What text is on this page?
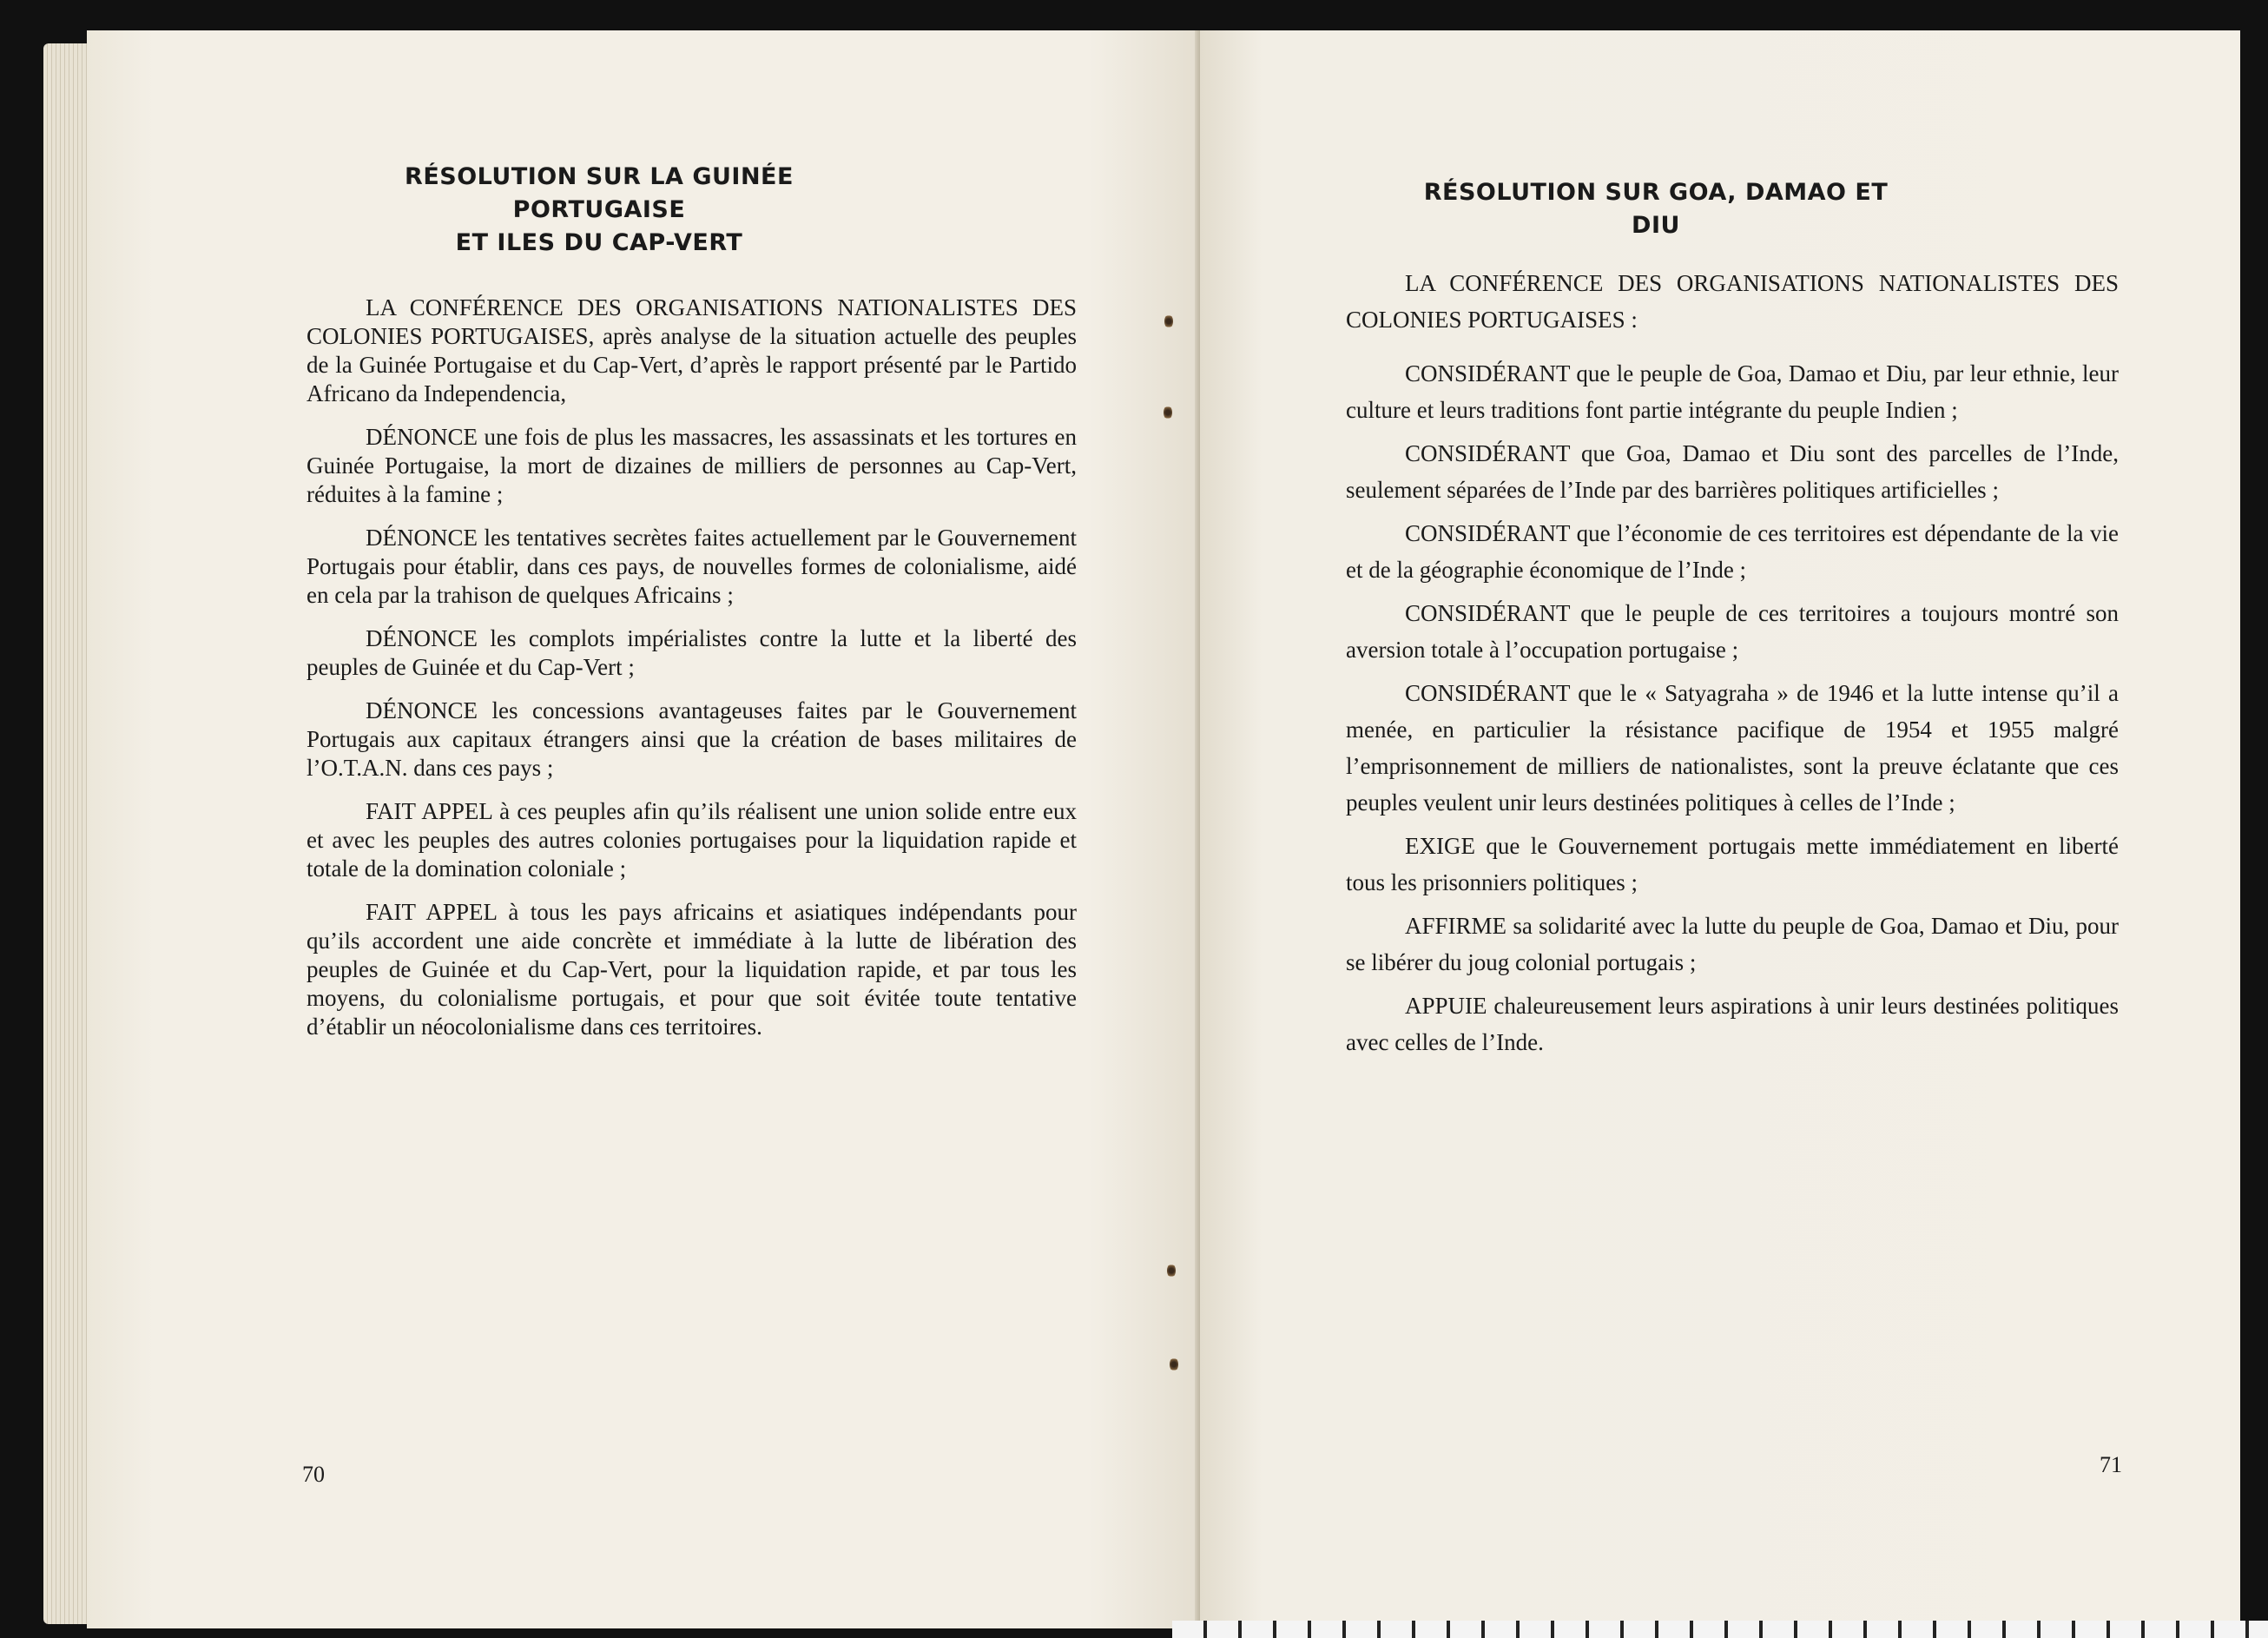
RÉSOLUTION SUR LA GUINÉE PORTUGAISE
ET ILES DU CAP-VERT

LA CONFÉRENCE DES ORGANISATIONS NATIONALISTES DES COLONIES PORTUGAISES, après analyse de la situation actuelle des peuples de la Guinée Portugaise et du Cap-Vert, d’après le rapport présenté par le Partido Africano da Independencia,

DÉNONCE une fois de plus les massacres, les assassinats et les tortures en Guinée Portugaise, la mort de dizaines de milliers de personnes au Cap-Vert, réduites à la famine ;

DÉNONCE les tentatives secrètes faites actuellement par le Gouvernement Portugais pour établir, dans ces pays, de nouvelles formes de colonialisme, aidé en cela par la trahison de quelques Africains ;

DÉNONCE les complots impérialistes contre la lutte et la liberté des peuples de Guinée et du Cap-Vert ;

DÉNONCE les concessions avantageuses faites par le Gouvernement Portugais aux capitaux étrangers ainsi que la création de bases militaires de l’O.T.A.N. dans ces pays ;

FAIT APPEL à ces peuples afin qu’ils réalisent une union solide entre eux et avec les peuples des autres colonies portugaises pour la liquidation rapide et totale de la domination coloniale ;

FAIT APPEL à tous les pays africains et asiatiques indépendants pour qu’ils accordent une aide concrète et immédiate à la lutte de libération des peuples de Guinée et du Cap-Vert, pour la liquidation rapide, et par tous les moyens, du colonialisme portugais, et pour que soit évitée toute tentative d’établir un néocolonialisme dans ces territoires.

70
RÉSOLUTION SUR GOA, DAMAO ET DIU

LA CONFÉRENCE DES ORGANISATIONS NATIONALISTES DES COLONIES PORTUGAISES :

CONSIDÉRANT que le peuple de Goa, Damao et Diu, par leur ethnie, leur culture et leurs traditions font partie intégrante du peuple Indien ;

CONSIDÉRANT que Goa, Damao et Diu sont des parcelles de l’Inde, seulement séparées de l’Inde par des barrières politiques artificielles ;

CONSIDÉRANT que l’économie de ces territoires est dépendante de la vie et de la géographie économique de l’Inde ;

CONSIDÉRANT que le peuple de ces territoires a toujours montré son aversion totale à l’occupation portugaise ;

CONSIDÉRANT que le « Satyagraha » de 1946 et la lutte intense qu’il a menée, en particulier la résistance pacifique de 1954 et 1955 malgré l’emprisonnement de milliers de nationalistes, sont la preuve éclatante que ces peuples veulent unir leurs destinées politiques à celles de l’Inde ;

EXIGE que le Gouvernement portugais mette immédiatement en liberté tous les prisonniers politiques ;

AFFIRME sa solidarité avec la lutte du peuple de Goa, Damao et Diu, pour se libérer du joug colonial portugais ;

APPUIE chaleureusement leurs aspirations à unir leurs destinées politiques avec celles de l’Inde.

71
